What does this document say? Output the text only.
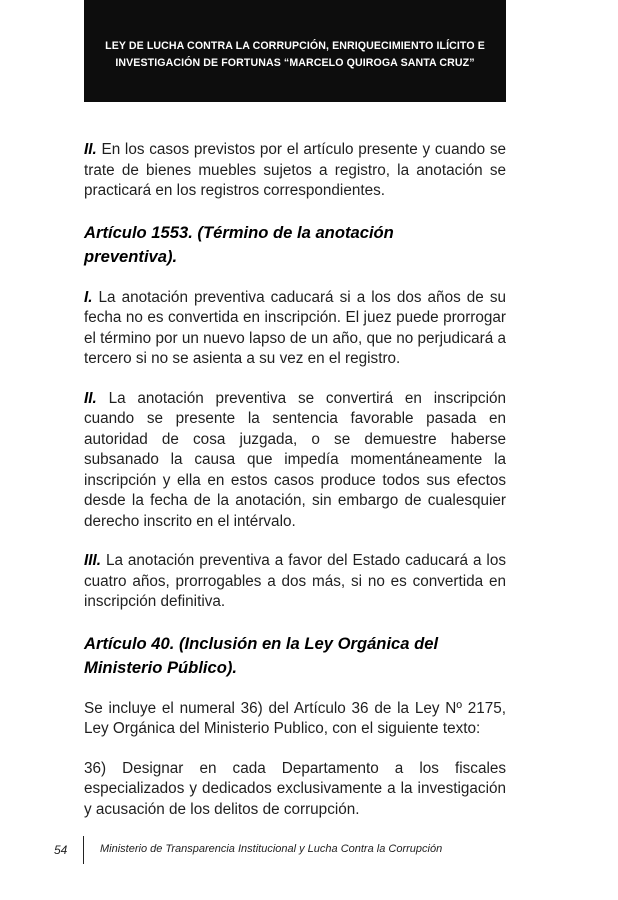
LEY DE LUCHA CONTRA LA CORRUPCIÓN, ENRIQUECIMIENTO ILÍCITO E
INVESTIGACIÓN DE FORTUNAS “MARCELO QUIROGA SANTA CRUZ”

II. En los casos previstos por el artículo presente y cuando se trate de bienes muebles sujetos a registro, la anotación se practicará en los registros correspondientes.

Artículo 1553. (Término de la anotación preventiva).

I. La anotación preventiva caducará si a los dos años de su fecha no es convertida en inscripción. El juez puede prorrogar el término por un nuevo lapso de un año, que no perjudicará a tercero si no se asienta a su vez en el registro.

II. La anotación preventiva se convertirá en inscripción cuando se presente la sentencia favorable pasada en autoridad de cosa juzgada, o se demuestre haberse subsanado la causa que impedía momentáneamente la inscripción y ella en estos casos produce todos sus efectos desde la fecha de la anotación, sin embargo de cualesquier derecho inscrito en el intérvalo.

III. La anotación preventiva a favor del Estado caducará a los cuatro años, prorrogables a dos más, si no es convertida en inscripción definitiva.

Artículo 40. (Inclusión en la Ley Orgánica del Ministerio Público).

Se incluye el numeral 36) del Artículo 36 de la Ley Nº 2175, Ley Orgánica del Ministerio Publico, con el siguiente texto:

36) Designar en cada Departamento a los fiscales especializados y dedicados exclusivamente a la investigación y acusación de los delitos de corrupción.

54	Ministerio de Transparencia Institucional y Lucha Contra la Corrupción
